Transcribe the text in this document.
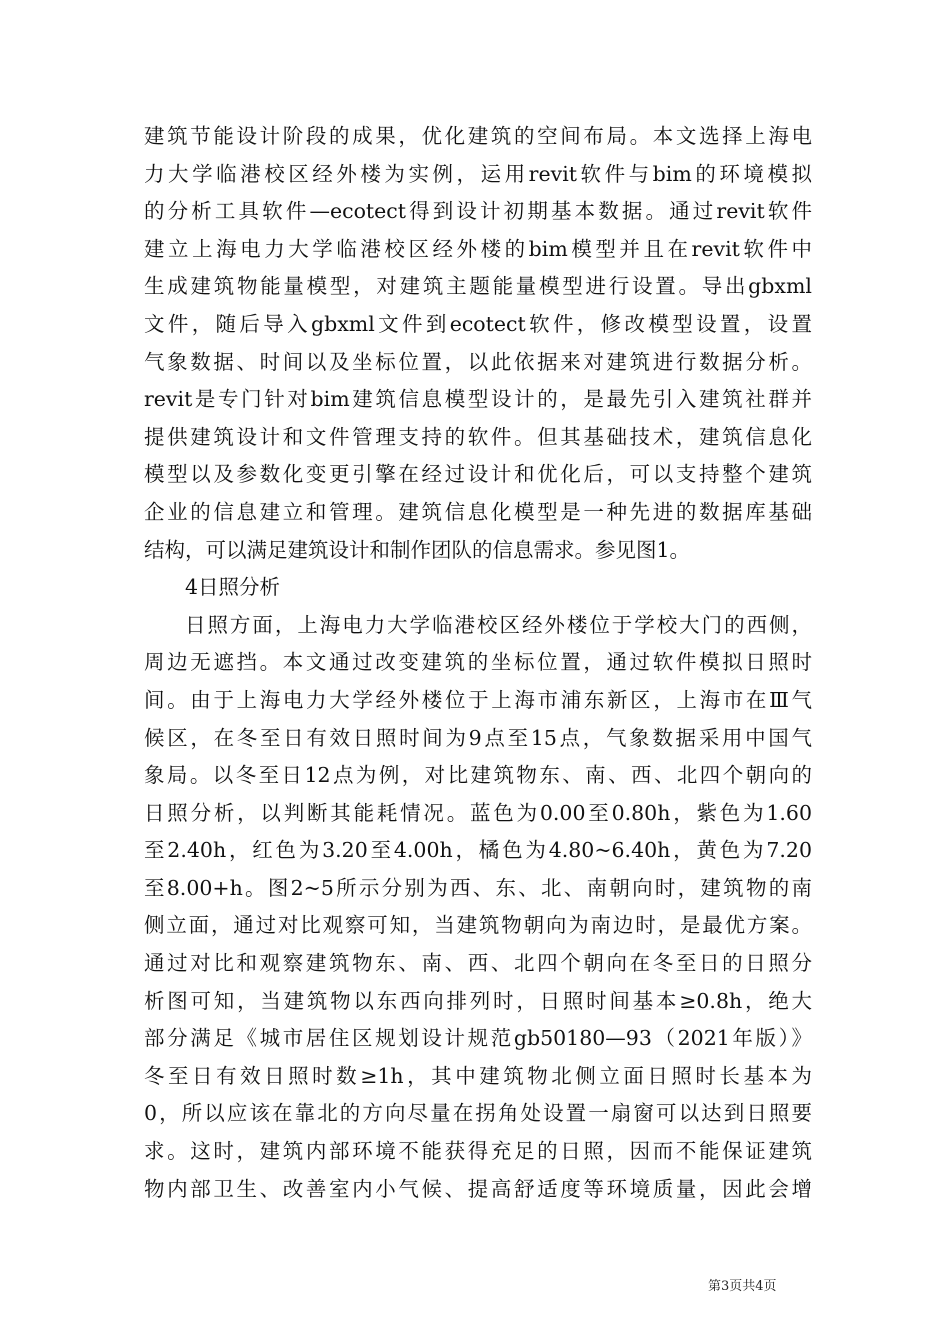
建筑节能设计阶段的成果，优化建筑的空间布局。本文选择上海电
力大学临港校区经外楼为实例，运用revit软件与bim的环境模拟
的分析工具软件—ecotect得到设计初期基本数据。通过revit软件
建立上海电力大学临港校区经外楼的bim模型并且在revit软件中
生成建筑物能量模型，对建筑主题能量模型进行设置。导出gbxml
文件，随后导入gbxml文件到ecotect软件，修改模型设置，设置
气象数据、时间以及坐标位置，以此依据来对建筑进行数据分析。
revit是专门针对bim建筑信息模型设计的，是最先引入建筑社群并
提供建筑设计和文件管理支持的软件。但其基础技术，建筑信息化
模型以及参数化变更引擎在经过设计和优化后，可以支持整个建筑
企业的信息建立和管理。建筑信息化模型是一种先进的数据库基础
结构，可以满足建筑设计和制作团队的信息需求。参见图1。
4日照分析
日照方面，上海电力大学临港校区经外楼位于学校大门的西侧，
周边无遮挡。本文通过改变建筑的坐标位置，通过软件模拟日照时
间。由于上海电力大学经外楼位于上海市浦东新区，上海市在Ⅲ气
候区，在冬至日有效日照时间为9点至15点，气象数据采用中国气
象局。以冬至日12点为例，对比建筑物东、南、西、北四个朝向的
日照分析，以判断其能耗情况。蓝色为0.00至0.80h，紫色为1.60
至2.40h，红色为3.20至4.00h，橘色为4.80~6.40h，黄色为7.20
至8.00+h。图2~5所示分别为西、东、北、南朝向时，建筑物的南
侧立面，通过对比观察可知，当建筑物朝向为南边时，是最优方案。
通过对比和观察建筑物东、南、西、北四个朝向在冬至日的日照分
析图可知，当建筑物以东西向排列时，日照时间基本≥0.8h，绝大
部分满足《城市居住区规划设计规范gb50180—93（2021年版）》
冬至日有效日照时数≥1h，其中建筑物北侧立面日照时长基本为
0，所以应该在靠北的方向尽量在拐角处设置一扇窗可以达到日照要
求。这时，建筑内部环境不能获得充足的日照，因而不能保证建筑
物内部卫生、改善室内小气候、提高舒适度等环境质量，因此会增
第3页共4页
